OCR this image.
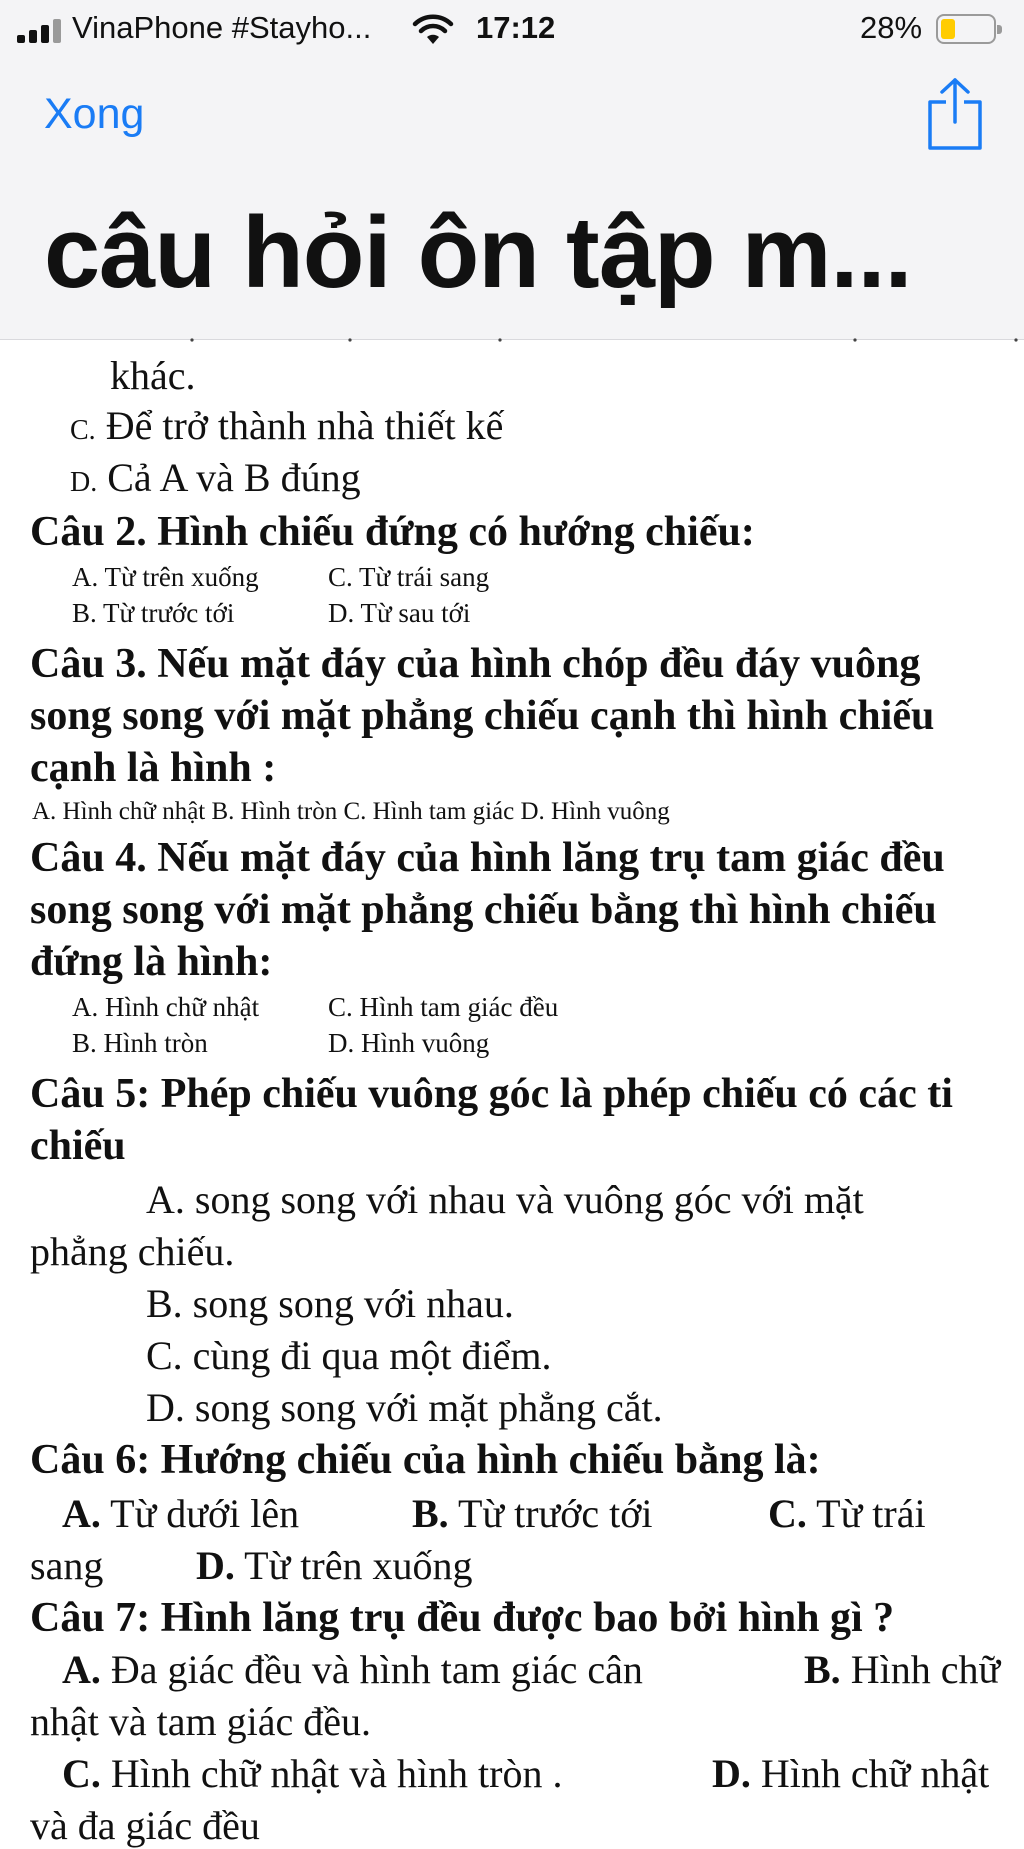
VinaPhone #Stayho...	17:12	28%
Xong
câu hỏi ôn tập m...
khác.
C. Để trở thành nhà thiết kế
D. Cả A và B đúng
Câu 2. Hình chiếu đứng có hướng chiếu:
A. Từ trên xuống	C. Từ trái sang
B. Từ trước tới	D. Từ sau tới
Câu 3. Nếu mặt đáy của hình chóp đều đáy vuông
song song với mặt phẳng chiếu cạnh thì hình chiếu
cạnh là hình :
A. Hình chữ nhật B. Hình tròn C. Hình tam giác D. Hình vuông
Câu 4. Nếu mặt đáy của hình lăng trụ tam giác đều
song song với mặt phẳng chiếu bằng thì hình chiếu
đứng là hình:
A. Hình chữ nhật	C. Hình tam giác đều
B. Hình tròn	D. Hình vuông
Câu 5: Phép chiếu vuông góc là phép chiếu có các ti
chiếu
A. song song với nhau và vuông góc với mặt
phẳng chiếu.
B. song song với nhau.
C. cùng đi qua một điểm.
D. song song với mặt phẳng cắt.
Câu 6: Hướng chiếu của hình chiếu bằng là:
A. Từ dưới lên	B. Từ trước tới	C. Từ trái
sang D. Từ trên xuống
Câu 7: Hình lăng trụ đều được bao bởi hình gì ?
A. Đa giác đều và hình tam giác cân	B. Hình chữ
nhật và tam giác đều.
C. Hình chữ nhật và hình tròn .	D. Hình chữ nhật
và đa giác đều
